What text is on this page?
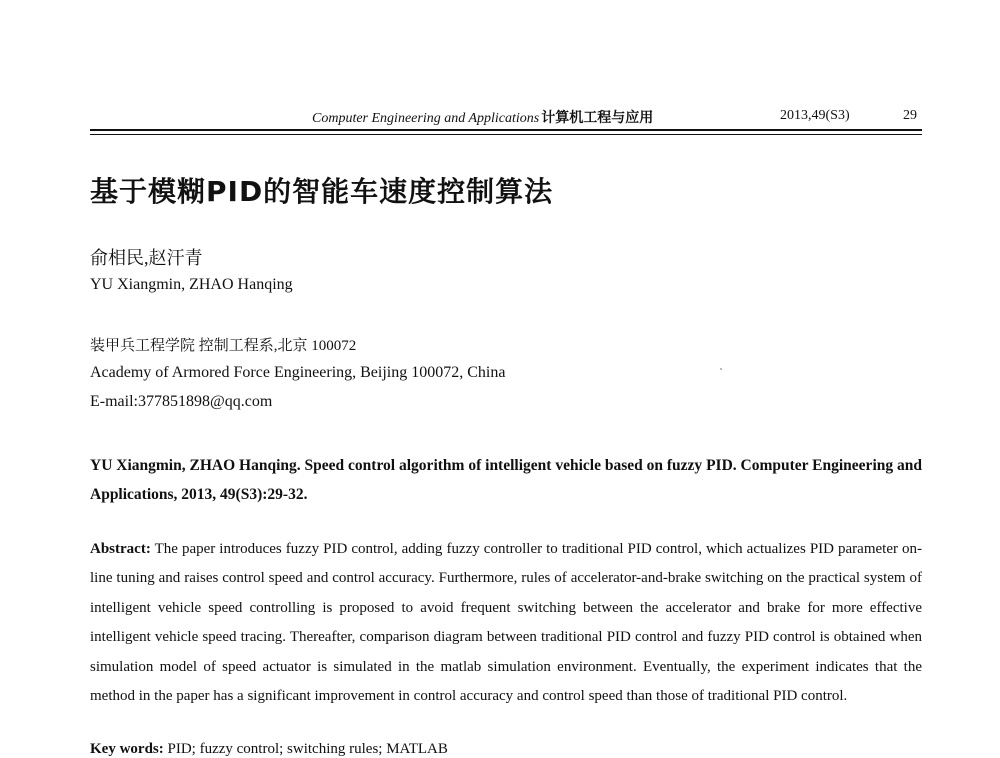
Computer Engineering and Applications 计算机工程与应用	2013,49(S3)	29
基于模糊PID的智能车速度控制算法
俞相民,赵汗青
YU Xiangmin, ZHAO Hanqing
装甲兵工程学院 控制工程系,北京 100072
Academy of Armored Force Engineering, Beijing 100072, China
E-mail:377851898@qq.com
YU Xiangmin, ZHAO Hanqing. Speed control algorithm of intelligent vehicle based on fuzzy PID. Computer Engineering and Applications, 2013, 49(S3):29-32.
Abstract: The paper introduces fuzzy PID control, adding fuzzy controller to traditional PID control, which actualizes PID parameter on-line tuning and raises control speed and control accuracy. Furthermore, rules of accelerator-and-brake switching on the practical system of intelligent vehicle speed controlling is proposed to avoid frequent switching between the accelerator and brake for more effective intelligent vehicle speed tracing. Thereafter, comparison diagram between traditional PID control and fuzzy PID control is obtained when simulation model of speed actuator is simulated in the matlab simulation environment. Eventually, the experiment indicates that the method in the paper has a significant improvement in control accuracy and control speed than those of traditional PID control.
Key words: PID; fuzzy control; switching rules; MATLAB
